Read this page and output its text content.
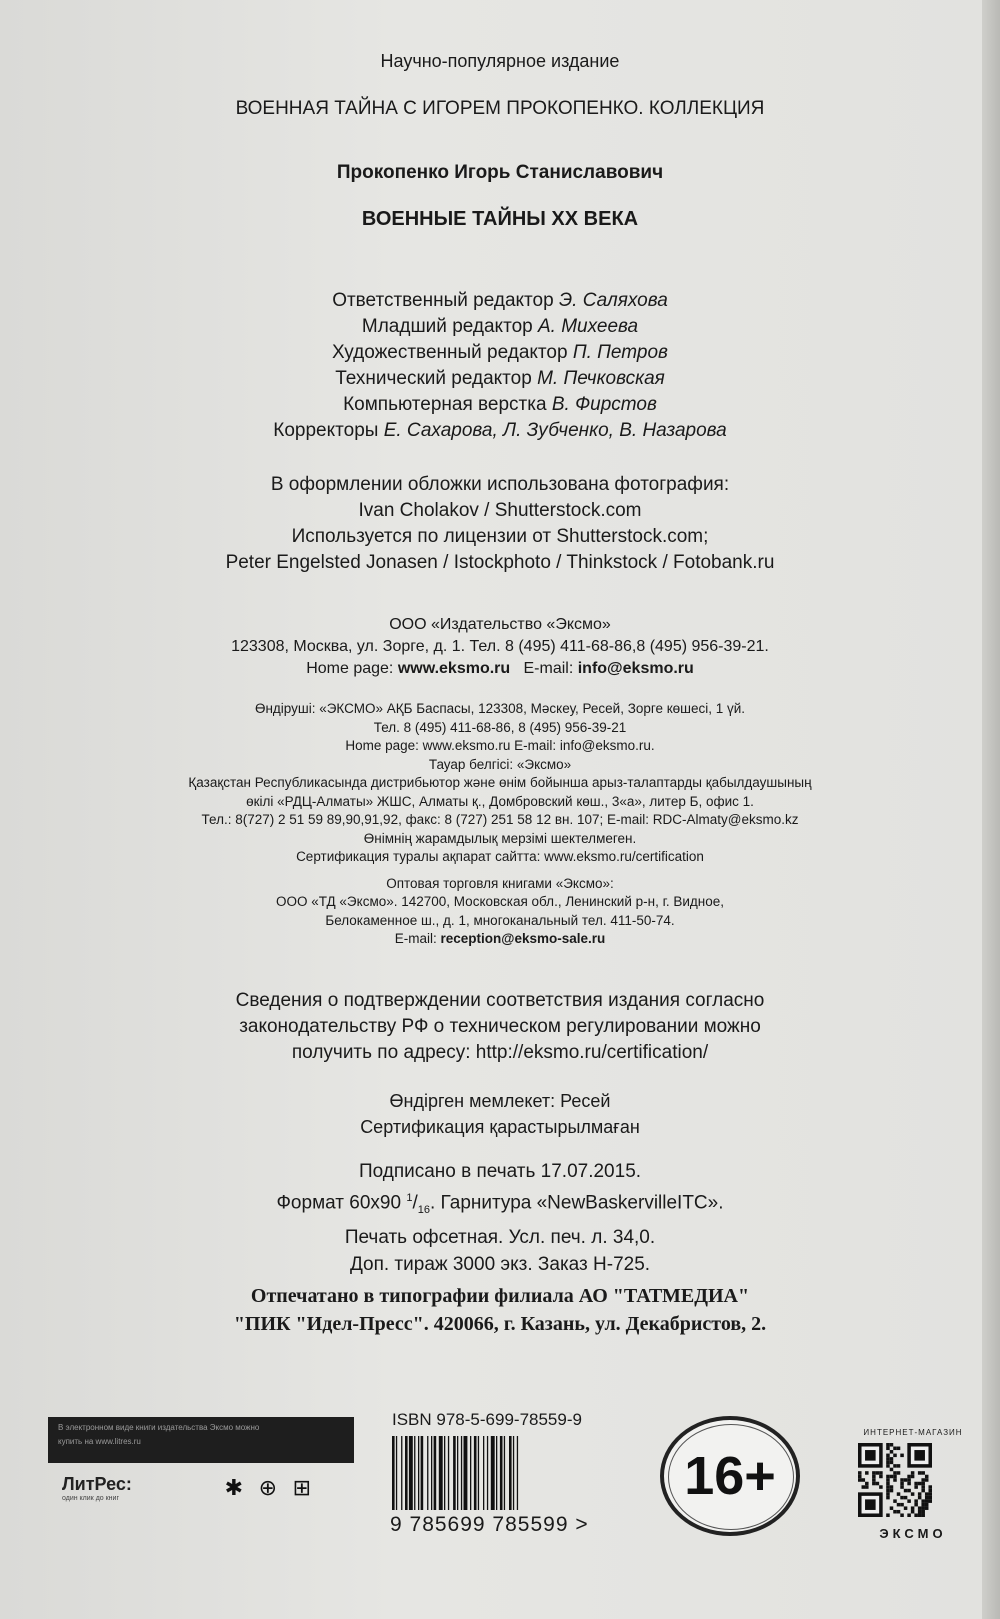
Научно-популярное издание
ВОЕННАЯ ТАЙНА С ИГОРЕМ ПРОКОПЕНКО. КОЛЛЕКЦИЯ
Прокопенко Игорь Станиславович
ВОЕННЫЕ ТАЙНЫ XX ВЕКА
Ответственный редактор Э. Саляхова
Младший редактор А. Михеева
Художественный редактор П. Петров
Технический редактор М. Печковская
Компьютерная верстка В. Фирстов
Корректоры Е. Сахарова, Л. Зубченко, В. Назарова
В оформлении обложки использована фотография:
Ivan Cholakov / Shutterstock.com
Используется по лицензии от Shutterstock.com;
Peter Engelsted Jonasen / Istockphoto / Thinkstock / Fotobank.ru
ООО «Издательство «Эксмо»
123308, Москва, ул. Зорге, д. 1. Тел. 8 (495) 411-68-86,8 (495) 956-39-21.
Home page: www.eksmo.ru E-mail: info@eksmo.ru
Өндіруші: «ЭКСМО» АҚБ Баспасы, 123308, Мәскеу, Ресей, Зорге көшесі, 1 үй.
Тел. 8 (495) 411-68-86, 8 (495) 956-39-21
Home page: www.eksmo.ru E-mail: info@eksmo.ru.
Тауар белгісі: «Эксмо»
Қазақстан Республикасында дистрибьютор және өнім бойынша арыз-талаптарды қабылдаушының
өкілі «РДЦ-Алматы» ЖШС, Алматы қ., Домбровский көш., 3«а», литер Б, офис 1.
Тел.: 8(727) 2 51 59 89,90,91,92, факс: 8 (727) 251 58 12 вн. 107; E-mail: RDC-Almaty@eksmo.kz
Өнімнің жарамдылық мерзімі шектелмеген.
Сертификация туралы ақпарат сайтта: www.eksmo.ru/certification
Оптовая торговля книгами «Эксмо»:
ООО «ТД «Эксмо». 142700, Московская обл., Ленинский р-н, г. Видное,
Белокаменное ш., д. 1, многоканальный тел. 411-50-74.
E-mail: reception@eksmo-sale.ru
Сведения о подтверждении соответствия издания согласно
законодательству РФ о техническом регулировании можно
получить по адресу: http://eksmo.ru/certification/
Өндірген мемлекет: Ресей
Сертификация қарастырылмаған
Подписано в печать 17.07.2015.
Формат 60х90 $^1/_{16}$. Гарнитура «NewBaskervilleITC».
Печать офсетная. Усл. печ. л. 34,0.
Доп. тираж 3000 экз. Заказ Н-725.
Отпечатано в типографии филиала АО "ТАТМЕДИА"
"ПИК "Идел-Пресс". 420066, г. Казань, ул. Декабристов, 2.
В электронном виде книги издательства Эксмо можно
купить на www.litres.ru
ЛитРес:
один клик до книг	✱ ⊕ ⊞
ISBN 978-5-699-78559-9
9 785699 785599 >
16+
ИНТЕРНЕТ-МАГАЗИН
ЭКСМО
